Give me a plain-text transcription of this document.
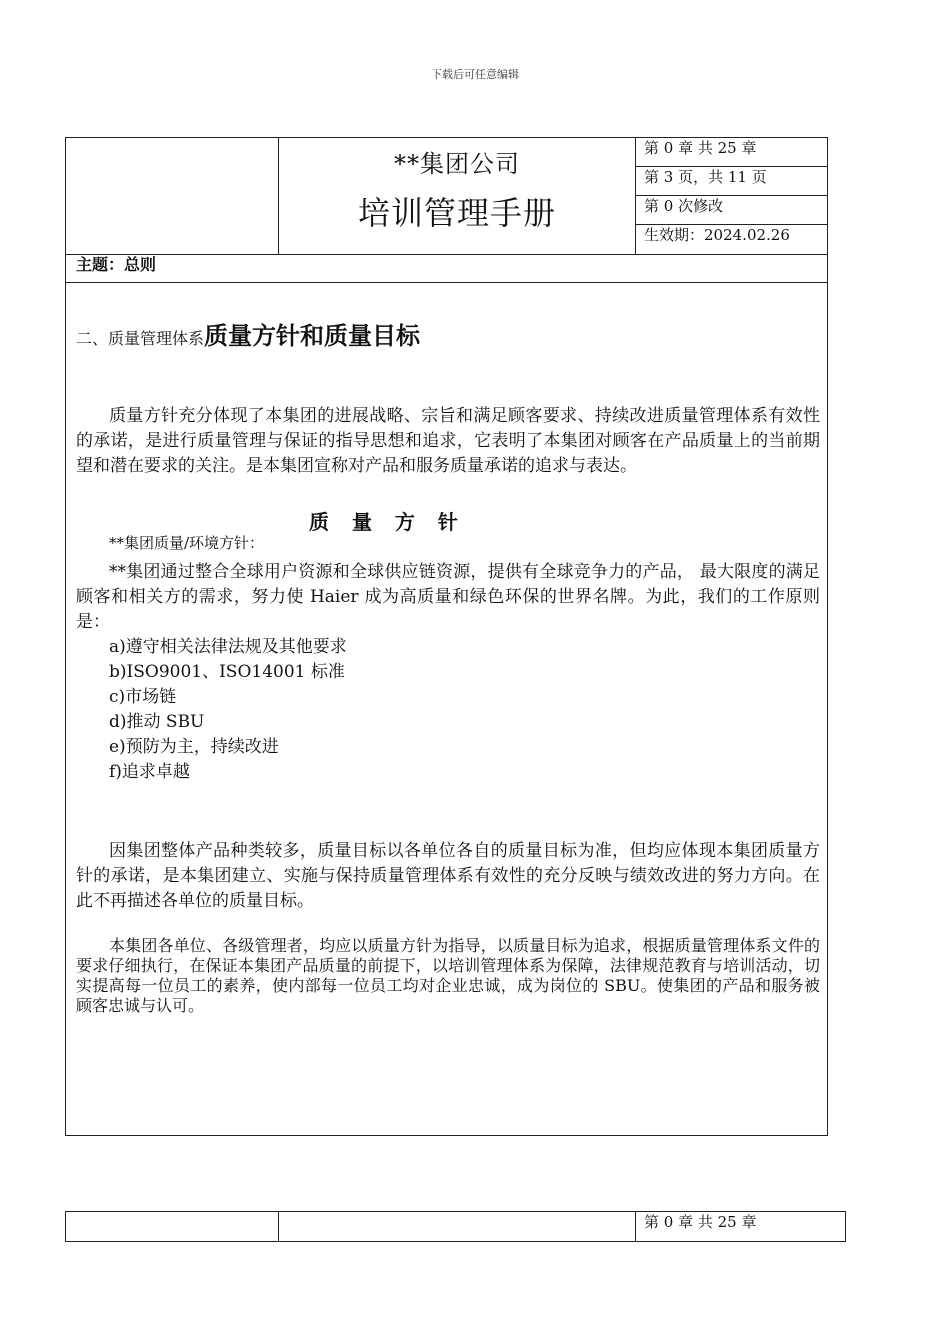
下载后可任意编辑
**集团公司
培训管理手册
第 0 章 共 25 章
第 3 页，共 11 页
第 0 次修改
生效期：2024.02.26
主题：总则
二、质量管理体系质量方针和质量目标
质量方针充分体现了本集团的进展战略、宗旨和满足顾客要求、持续改进质量管理体系有效性的承诺，是进行质量管理与保证的指导思想和追求，它表明了本集团对顾客在产品质量上的当前期望和潜在要求的关注。是本集团宣称对产品和服务质量承诺的追求与表达。
质 量 方 针
**集团质量/环境方针：
**集团通过整合全球用户资源和全球供应链资源，提供有全球竞争力的产品， 最大限度的满足顾客和相关方的需求，努力使 Haier 成为高质量和绿色环保的世界名牌。为此，我们的工作原则是：
a)遵守相关法律法规及其他要求
b)ISO9001、ISO14001 标准
c)市场链
d)推动 SBU
e)预防为主，持续改进
f)追求卓越
因集团整体产品种类较多，质量目标以各单位各自的质量目标为准，但均应体现本集团质量方针的承诺，是本集团建立、实施与保持质量管理体系有效性的充分反映与绩效改进的努力方向。在此不再描述各单位的质量目标。
本集团各单位、各级管理者，均应以质量方针为指导，以质量目标为追求，根据质量管理体系文件的要求仔细执行，在保证本集团产品质量的前提下，以培训管理体系为保障，法律规范教育与培训活动，切实提高每一位员工的素养，使内部每一位员工均对企业忠诚，成为岗位的 SBU。使集团的产品和服务被顾客忠诚与认可。
第 0 章 共 25 章
